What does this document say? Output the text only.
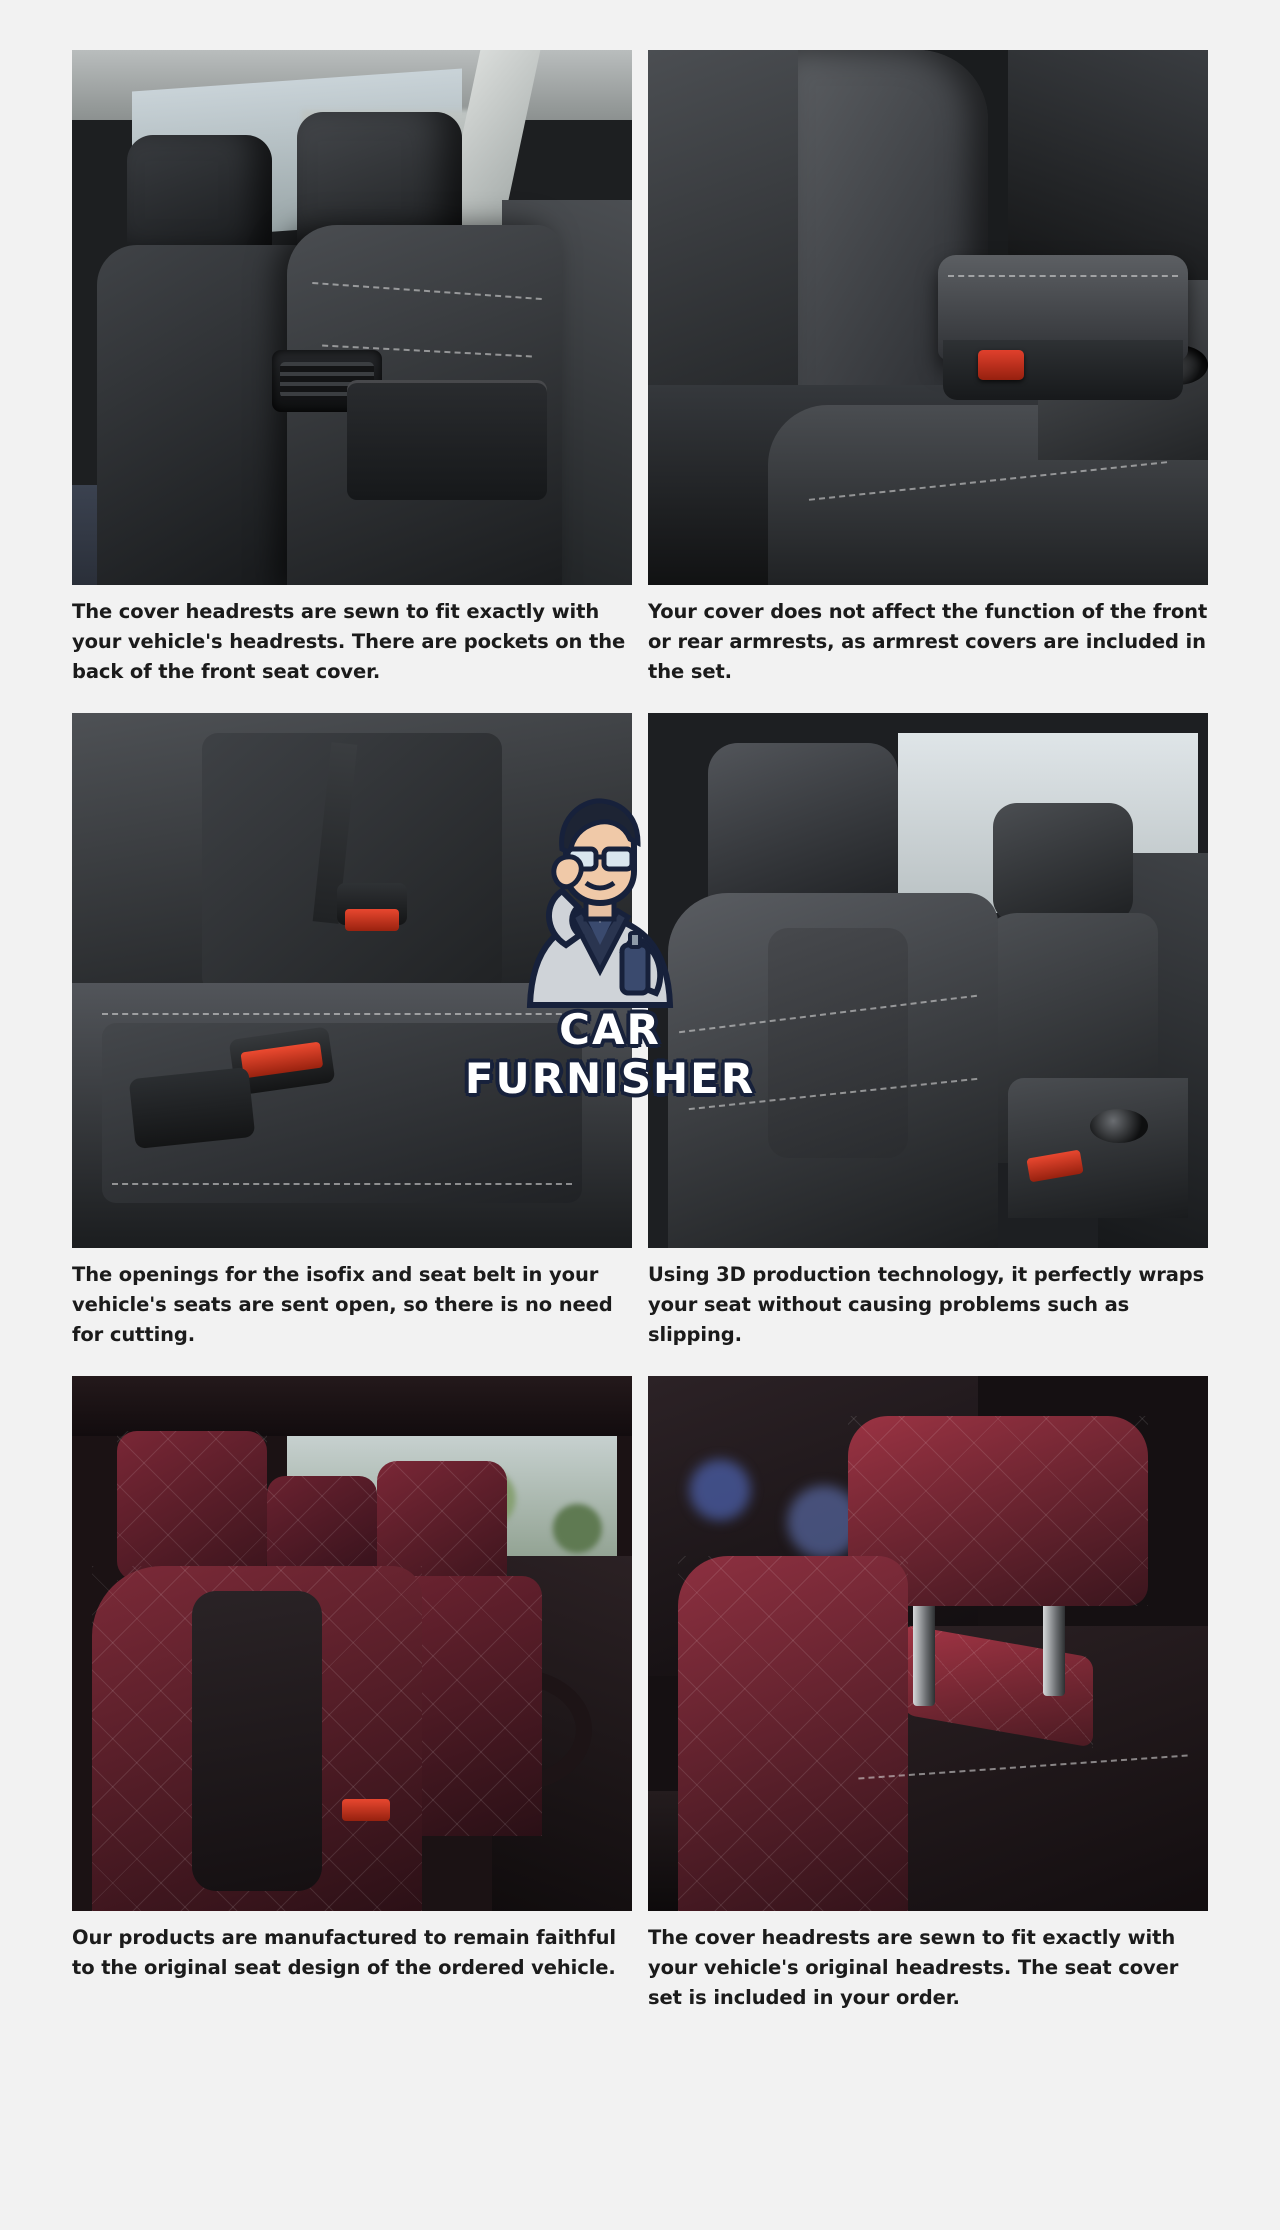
The cover headrests are sewn to fit exactly with your vehicle's headrests. There are pockets on the back of the front seat cover.
Your cover does not affect the function of the front or rear armrests, as armrest covers are included in the set.
The openings for the isofix and seat belt in your vehicle's seats are sent open, so there is no need for cutting.
Using 3D production technology, it perfectly wraps your seat without causing problems such as slipping.
Our products are manufactured to remain faithful to the original seat design of the ordered vehicle.
The cover headrests are sewn to fit exactly with your vehicle's original headrests. The seat cover set is included in your order.
CAR FURNISHER
